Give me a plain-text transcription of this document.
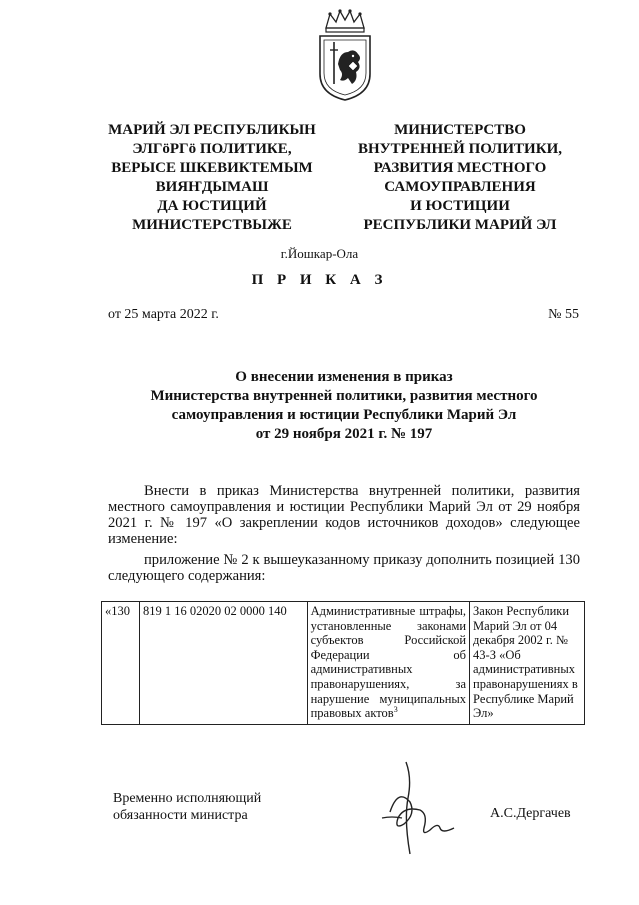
МАРИЙ ЭЛ РЕСПУБЛИКЫН
ЭЛГӧРГӧ ПОЛИТИКЕ,
ВЕРЫСЕ ШКЕВИКТЕМЫМ
ВИЯҤДЫМАШ
ДА ЮСТИЦИЙ
МИНИСТЕРСТВЫЖЕ
МИНИСТЕРСТВО
ВНУТРЕННЕЙ ПОЛИТИКИ,
РАЗВИТИЯ МЕСТНОГО
САМОУПРАВЛЕНИЯ
И ЮСТИЦИИ
РЕСПУБЛИКИ МАРИЙ ЭЛ
г.Йошкар-Ола
П Р И К А З
от 25 марта 2022 г.	№ 55
О внесении изменения в приказ
Министерства внутренней политики, развития местного
самоуправления и юстиции Республики Марий Эл
от 29 ноября 2021 г. № 197
Внести в приказ Министерства внутренней политики, развития местного самоуправления и юстиции Республики Марий Эл от 29 ноября 2021 г. № 197 «О закреплении кодов источников доходов» следующее изменение:
приложение № 2 к вышеуказанному приказу дополнить позицией 130 следующего содержания:
«130	819 1 16 02020 02 0000 140	Административные штрафы, установленные законами субъектов Российской Федерации об административных правонарушениях, за нарушение муниципальных правовых актов$^3$	Закон Республики Марий Эл от 04 декабря 2002 г. № 43-З «Об административных правонарушениях в Республике Марий Эл»
Временно исполняющий
обязанности министра	А.С.Дергачев
